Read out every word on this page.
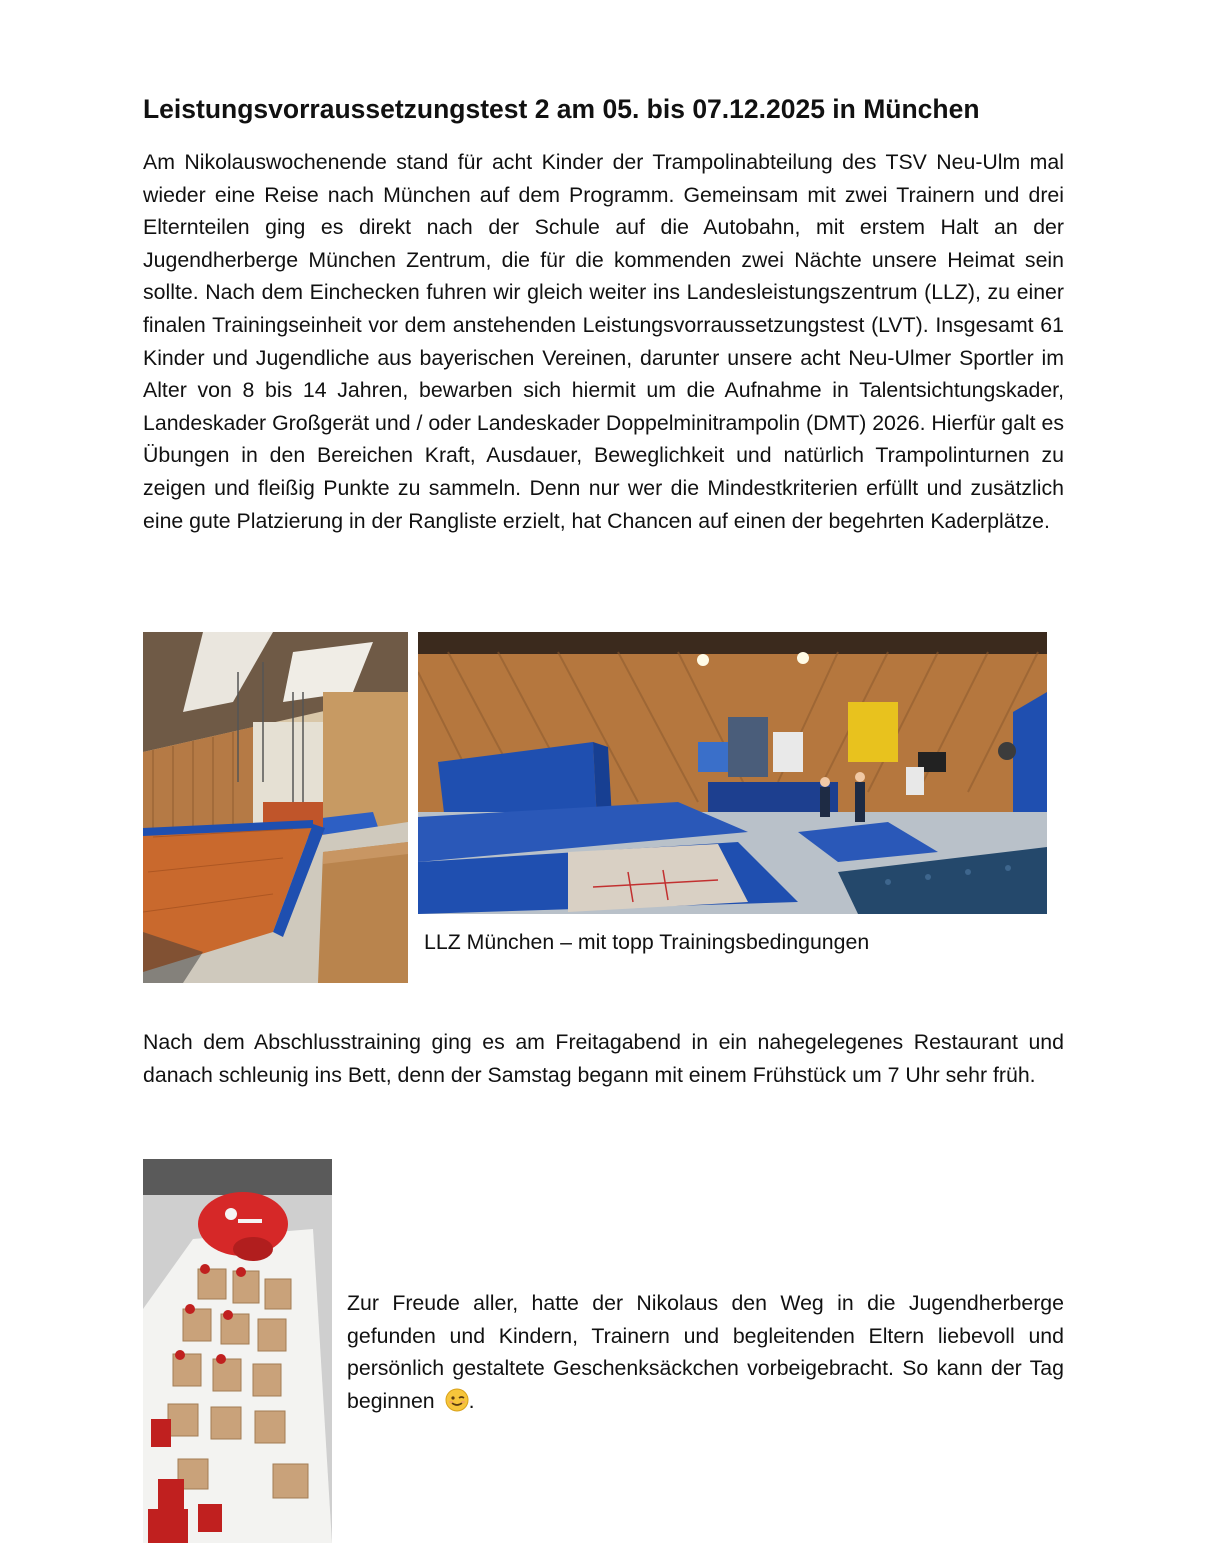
Leistungsvorraussetzungstest 2 am 05. bis 07.12.2025 in München

Am Nikolauswochenende stand für acht Kinder der Trampolinabteilung des TSV Neu-Ulm mal wieder eine Reise nach München auf dem Programm. Gemeinsam mit zwei Trainern und drei Elternteilen ging es direkt nach der Schule auf die Autobahn, mit erstem Halt an der Jugendherberge München Zentrum, die für die kommenden zwei Nächte unsere Heimat sein sollte. Nach dem Einchecken fuhren wir gleich weiter ins Landesleistungszentrum (LLZ), zu einer finalen Trainingseinheit vor dem anstehenden Leistungsvorraussetzungstest (LVT). Insgesamt 61 Kinder und Jugendliche aus bayerischen Vereinen, darunter unsere acht Neu-Ulmer Sportler im Alter von 8 bis 14 Jahren, bewarben sich hiermit um die Aufnahme in Talentsichtungskader, Landeskader Großgerät und / oder Landeskader Doppelminitrampolin (DMT) 2026. Hierfür galt es Übungen in den Bereichen Kraft, Ausdauer, Beweglichkeit und natürlich Trampolinturnen zu zeigen und fleißig Punkte zu sammeln. Denn nur wer die Mindestkriterien erfüllt und zusätzlich eine gute Platzierung in der Rangliste erzielt, hat Chancen auf einen der begehrten Kaderplätze.

LLZ München – mit topp Trainingsbedingungen

Nach dem Abschlusstraining ging es am Freitagabend in ein nahegelegenes Restaurant und danach schleunig ins Bett, denn der Samstag begann mit einem Frühstück um 7 Uhr sehr früh.

Zur Freude aller, hatte der Nikolaus den Weg in die Jugendherberge gefunden und Kindern, Trainern und begleitenden Eltern liebevoll und persönlich gestaltete Geschenksäckchen vorbeigebracht. So kann der Tag beginnen .
